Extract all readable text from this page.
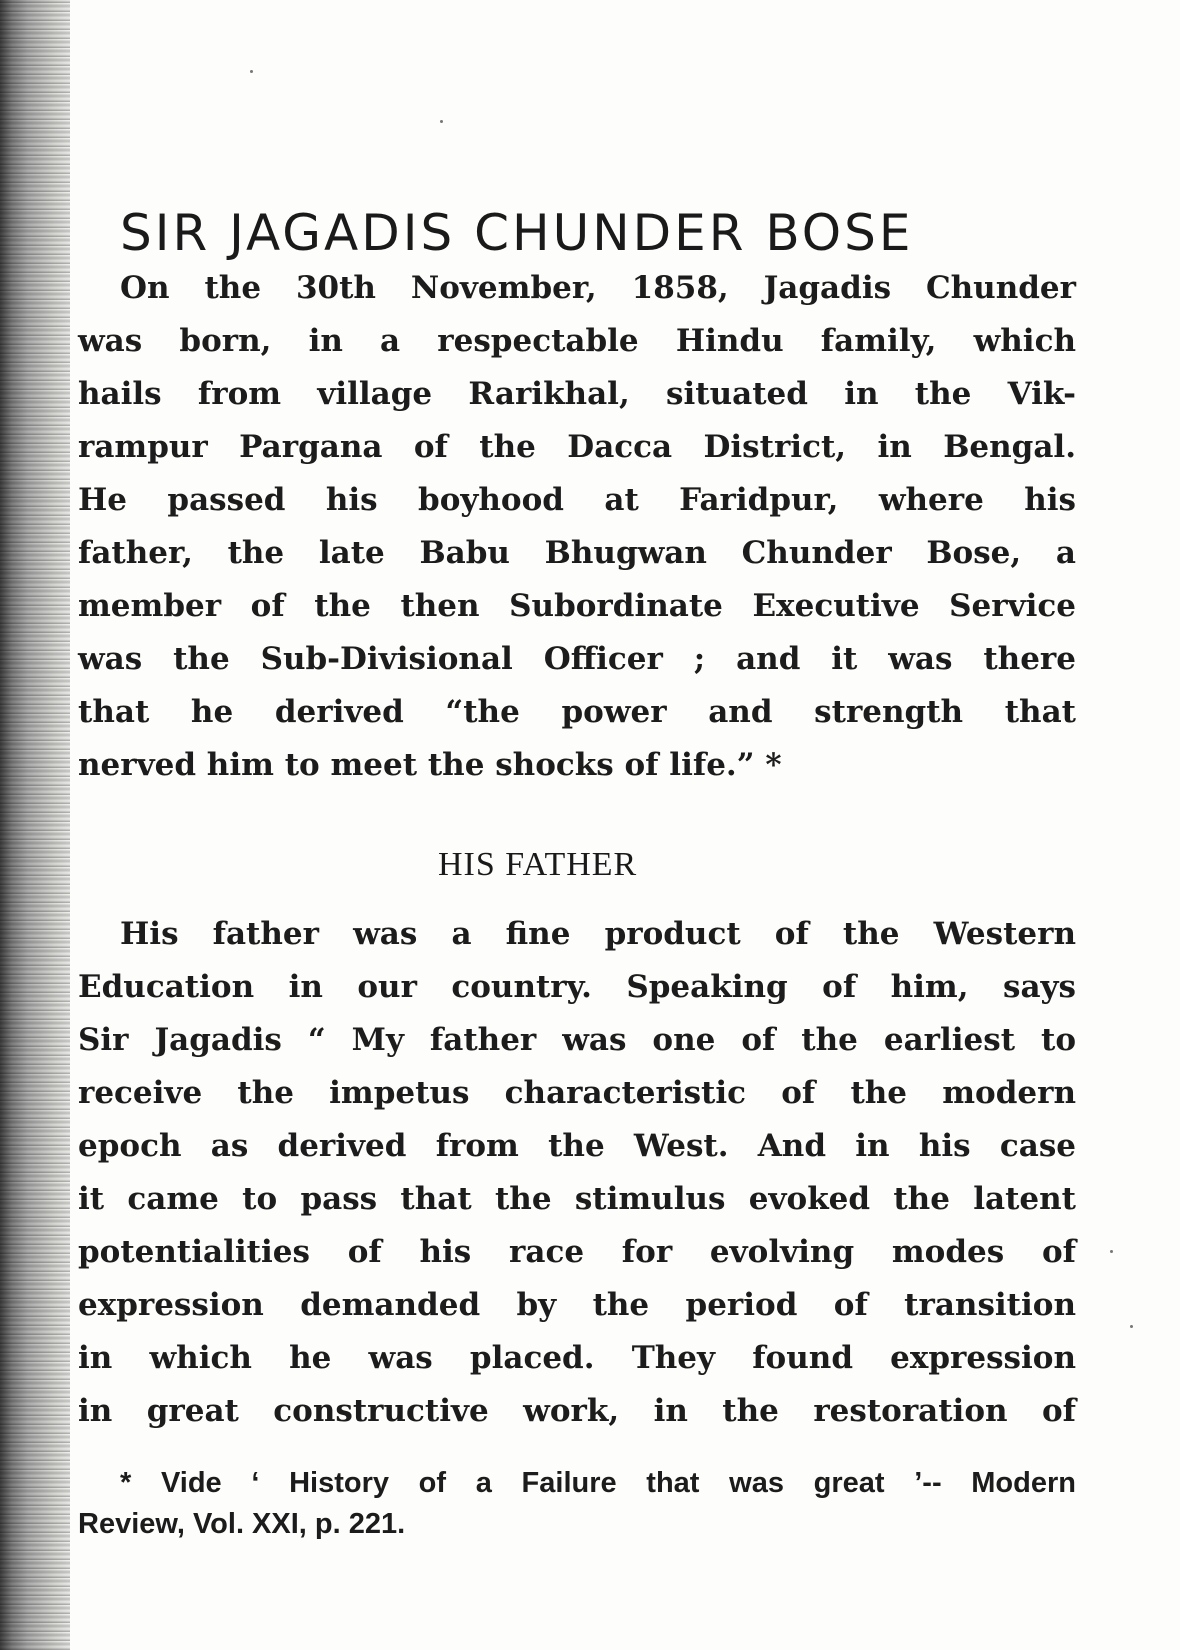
SIR JAGADIS CHUNDER BOSE
On the 30th November, 1858, Jagadis Chunder
was born, in a respectable Hindu family, which
hails from village Rarikhal, situated in the Vik-
rampur Pargana of the Dacca District, in Bengal.
He passed his boyhood at Faridpur, where his
father, the late Babu Bhugwan Chunder Bose, a
member of the then Subordinate Executive Service
was the Sub-Divisional Officer ; and it was there
that he derived “the power and strength that
nerved him to meet the shocks of life.” *
HIS FATHER
His father was a fine product of the Western
Education in our country. Speaking of him, says
Sir Jagadis “ My father was one of the earliest to
receive the impetus characteristic of the modern
epoch as derived from the West. And in his case
it came to pass that the stimulus evoked the latent
potentialities of his race for evolving modes of
expression demanded by the period of transition
in which he was placed. They found expression
in great constructive work, in the restoration of
* Vide ‘ History of a Failure that was great ’-- Modern
Review, Vol. XXI, p. 221.
